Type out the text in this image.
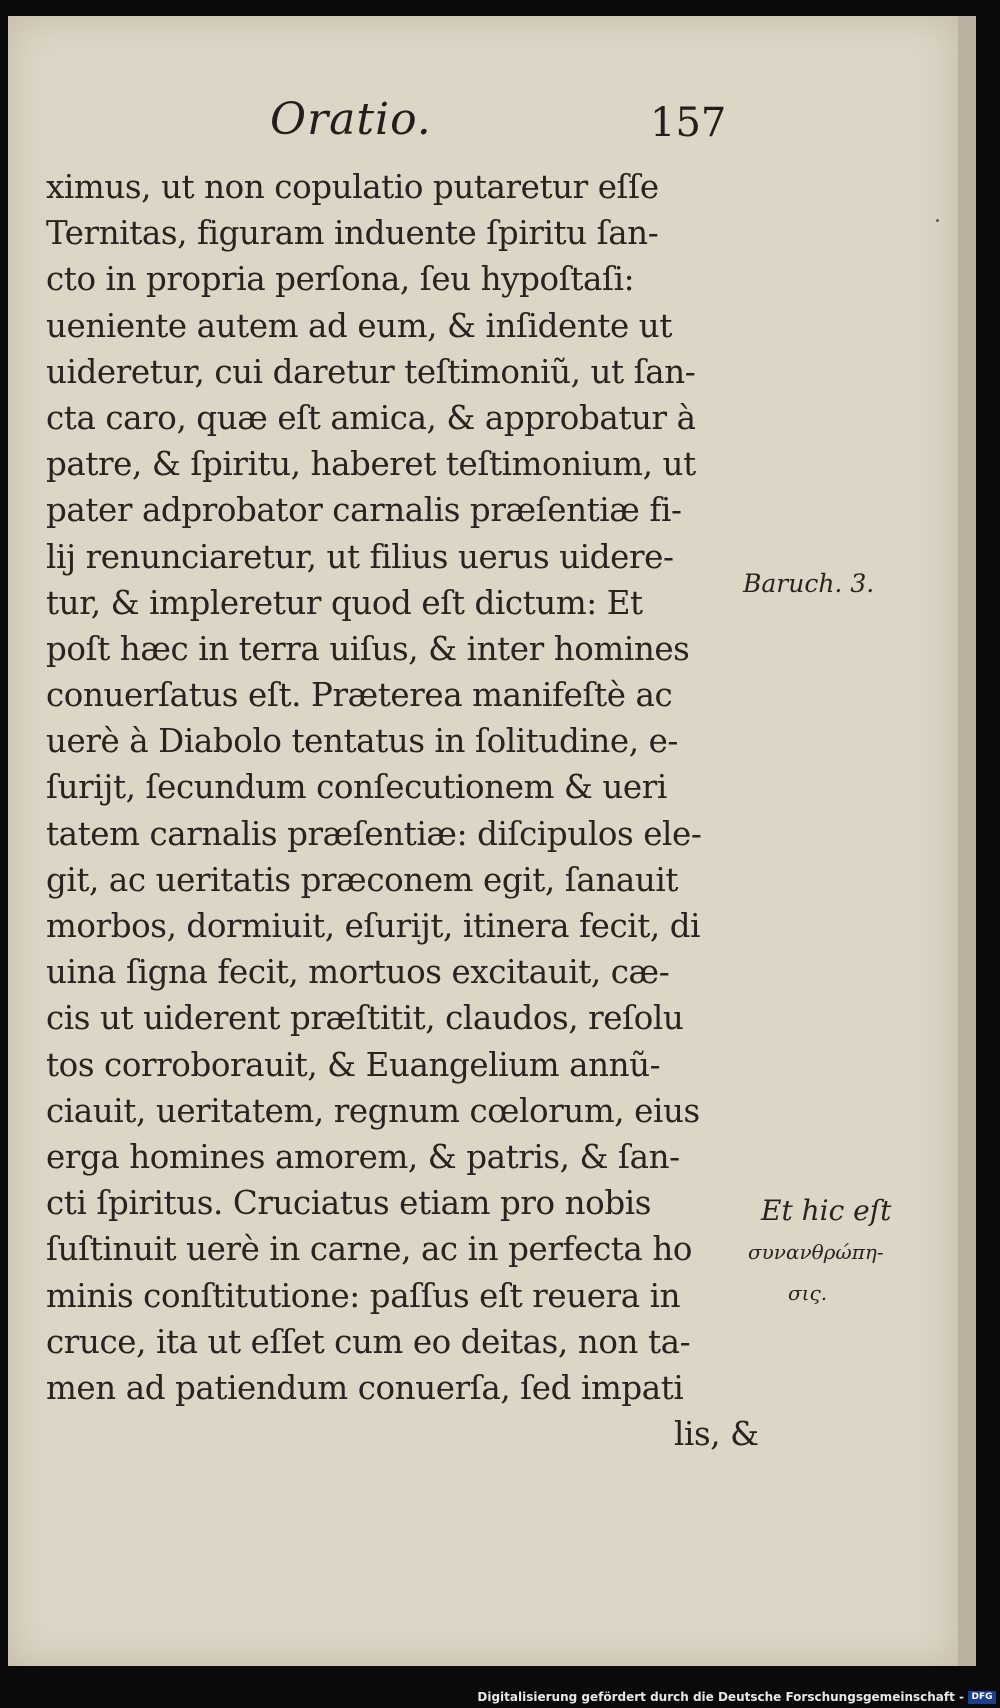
Oratio.	157
ximus, ut non copulatio putaretur eſſe
Ternitas, figuram induente ſpiritu ſan-
cto in propria perſona, ſeu hypoſtaſi:
ueniente autem ad eum, & inſidente ut
uideretur, cui daretur teſtimoniũ, ut ſan-
cta caro, quæ eſt amica, & approbatur à
patre, & ſpiritu, haberet teſtimonium, ut
pater adprobator carnalis præſentiæ fi-
lij renunciaretur, ut filius uerus uidere-
tur, & impleretur quod eſt dictum: Et
poſt hæc in terra uiſus, & inter homines
conuerſatus eſt. Præterea manifeſtè ac
uerè à Diabolo tentatus in ſolitudine, e-
ſurijt, ſecundum conſecutionem & ueri
tatem carnalis præſentiæ: diſcipulos ele-
git, ac ueritatis præconem egit, ſanauit
morbos, dormiuit, eſurijt, itinera fecit, di
uina ſigna fecit, mortuos excitauit, cæ-
cis ut uiderent præſtitit, claudos, reſolu
tos corroborauit, & Euangelium annũ-
ciauit, ueritatem, regnum cœlorum, eius
erga homines amorem, & patris, & ſan-
cti ſpiritus. Cruciatus etiam pro nobis
ſuſtinuit uerè in carne, ac in perfecta ho
minis conſtitutione: paſſus eſt reuera in
cruce, ita ut eſſet cum eo deitas, non ta-
men ad patiendum conuerſa, ſed impati
lis, &
Baruch. 3.
Et hic eſt
συνανθρώπη-
σις.
Digitalisierung gefördert durch die Deutsche Forschungsgemeinschaft - DFG
